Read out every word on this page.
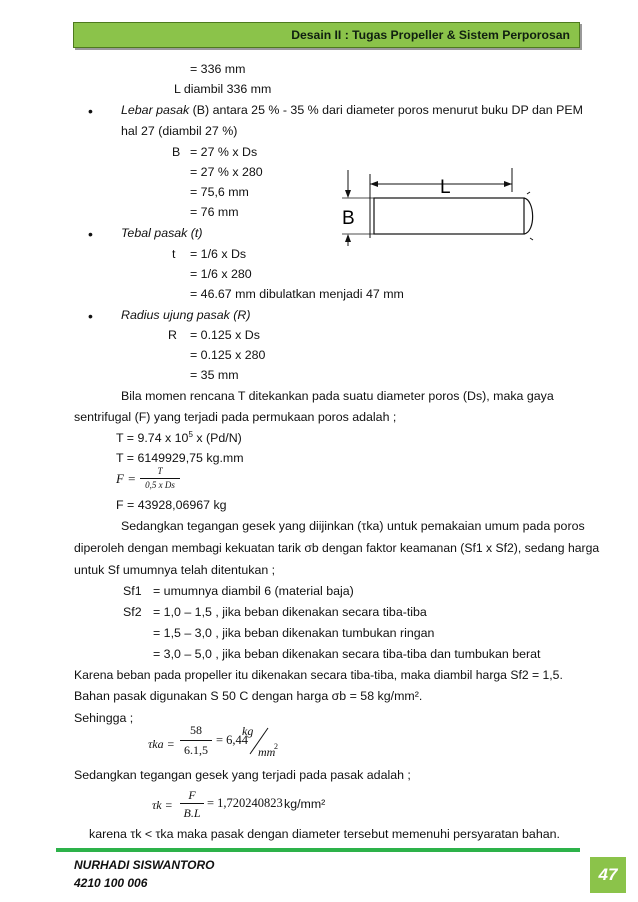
Desain II : Tugas Propeller & Sistem Perporosan
= 336 mm
L diambil 336 mm
• Lebar pasak (B) antara 25 % - 35 % dari diameter poros menurut buku DP dan PEM
hal 27 (diambil 27 %)
B = 27 % x Ds
= 27 % x 280
= 75,6 mm
= 76 mm
• Tebal pasak (t)
t = 1/6 x Ds
= 1/6 x 280
= 46.67 mm dibulatkan menjadi 47 mm
• Radius ujung pasak (R)
R = 0.125 x Ds
= 0.125 x 280
= 35 mm
L
B
Bila momen rencana T ditekankan pada suatu diameter poros (Ds), maka gaya
sentrifugal (F) yang terjadi pada permukaan poros adalah ;
T = 9.74 x $10^5$ x (Pd/N)
T = 6149929,75 kg.mm
F =	T
0,5 x Ds
F = 43928,06967 kg
Sedangkan tegangan gesek yang diijinkan (τka) untuk pemakaian umum pada poros
diperoleh dengan membagi kekuatan tarik σb dengan faktor keamanan (Sf1 x Sf2), sedang harga
untuk Sf umumnya telah ditentukan ;
Sf1 = umumnya diambil 6 (material baja)
Sf2 = 1,0 – 1,5 , jika beban dikenakan secara tiba-tiba
= 1,5 – 3,0 , jika beban dikenakan tumbukan ringan
= 3,0 – 5,0 , jika beban dikenakan secara tiba-tiba dan tumbukan berat
Karena beban pada propeller itu dikenakan secara tiba-tiba, maka diambil harga Sf2 = 1,5.
Bahan pasak digunakan S 50 C dengan harga σb = 58 kg/mm².
Sehingga ;
τka =
58
6.1,5
= 6,44
kg
mm
2
Sedangkan tegangan gesek yang terjadi pada pasak adalah ;
τk =
F
B.L
= 1,720240823 kg/mm²
karena τk < τka maka pasak dengan diameter tersebut memenuhi persyaratan bahan.
NURHADI SISWANTORO
4210 100 006	47
